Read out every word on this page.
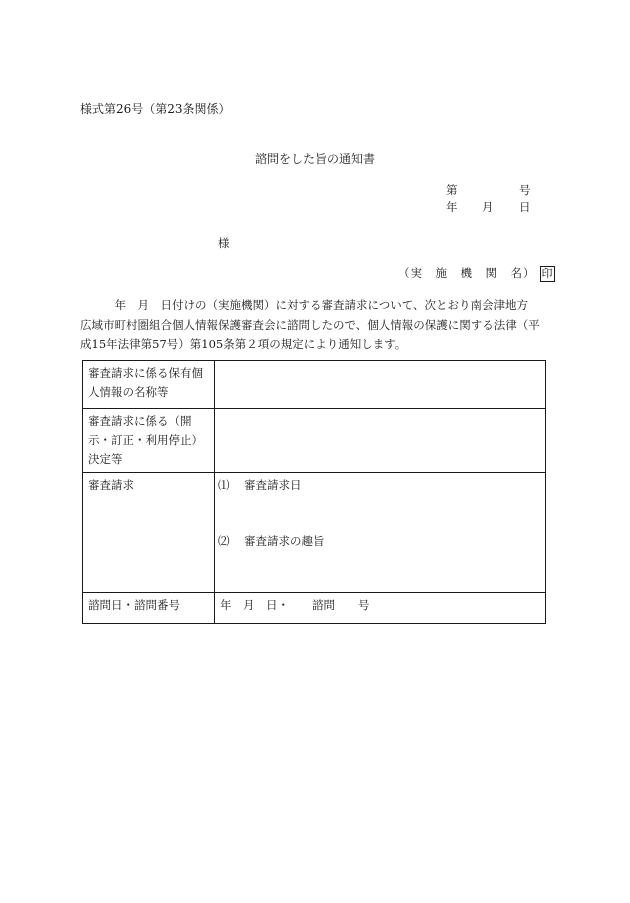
様式第26号（第23条関係）
諮問をした旨の通知書
第	号
年 月 日
様
（実　施　機　関　名） 印
　　　年　月　日付けの（実施機関）に対する審査請求について、次とおり南会津地方
広域市町村圏組合個人情報保護審査会に諮問したので、個人情報の保護に関する法律（平
成15年法律第57号）第105条第２項の規定により通知します。
審査請求に係る保有個人情報の名称等	
審査請求に係る（開示・訂正・利用停止）決定等	
審査請求	⑴ 審査請求日
⑵ 審査請求の趣旨

諮問日・諮問番号	年　月　日・　　諮問　　号
